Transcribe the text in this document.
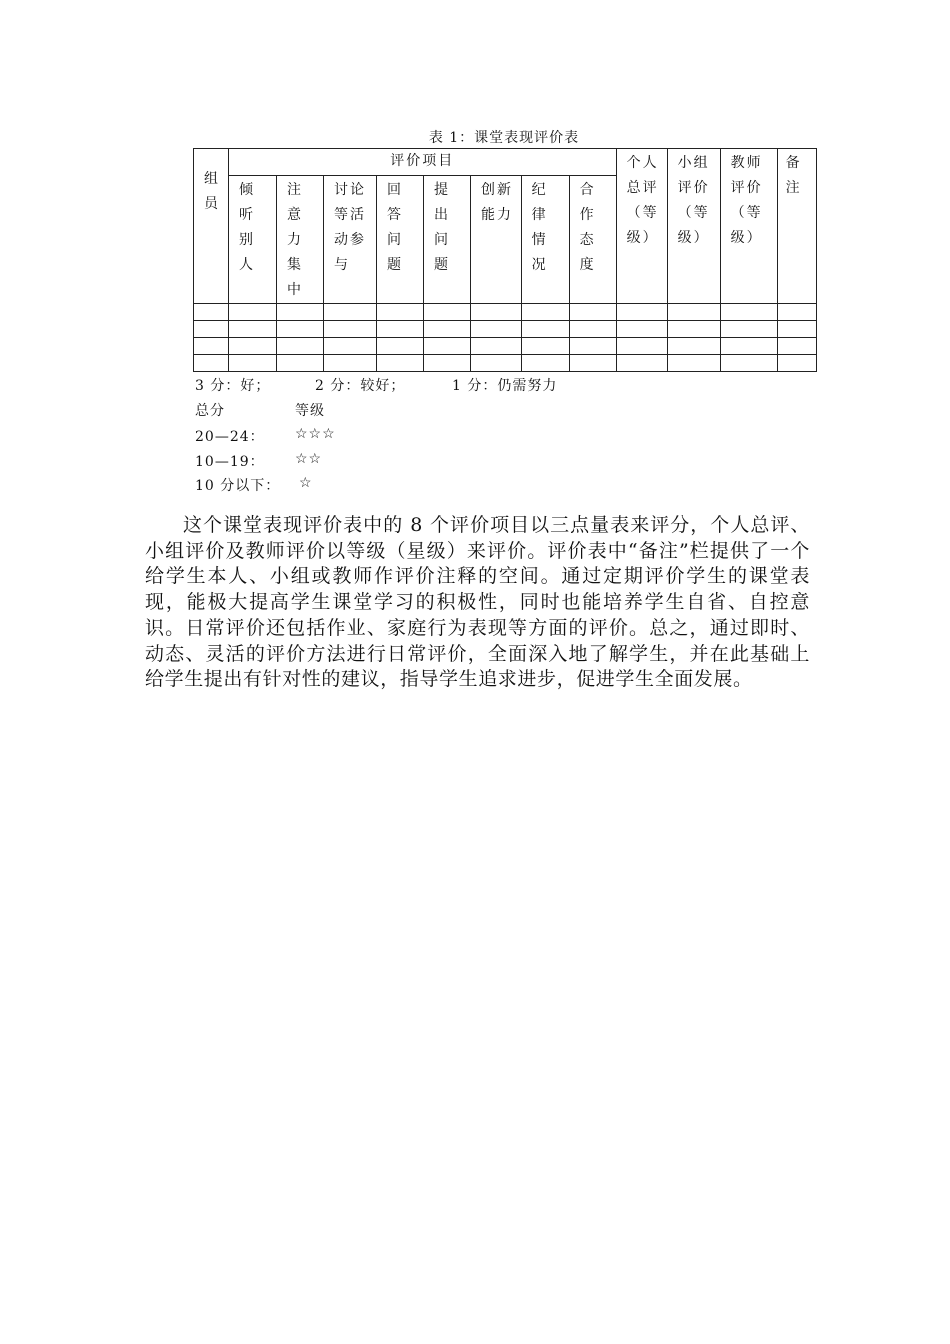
表 1：课堂表现评价表
组员	评价项目								个人总评（等级）	小组评价（等级）	教师评价（等级）	备注

	倾听别人	注意力集中	讨论等活动参与	回答问题	提出问题	创新能力	纪律情况	合作态度				

3 分：好；	2 分：较好；	1 分：仍需努力
总分	等级
20—24： ☆☆☆
10—19： ☆☆
10 分以下： ☆

这个课堂表现评价表中的 8 个评价项目以三点量表来评分，个人总评、小组评价及教师评价以等级（星级）来评价。评价表中“备注”栏提供了一个给学生本人、小组或教师作评价注释的空间。通过定期评价学生的课堂表现，能极大提高学生课堂学习的积极性，同时也能培养学生自省、自控意识。日常评价还包括作业、家庭行为表现等方面的评价。总之，通过即时、动态、灵活的评价方法进行日常评价，全面深入地了解学生，并在此基础上给学生提出有针对性的建议，指导学生追求进步，促进学生全面发展。
